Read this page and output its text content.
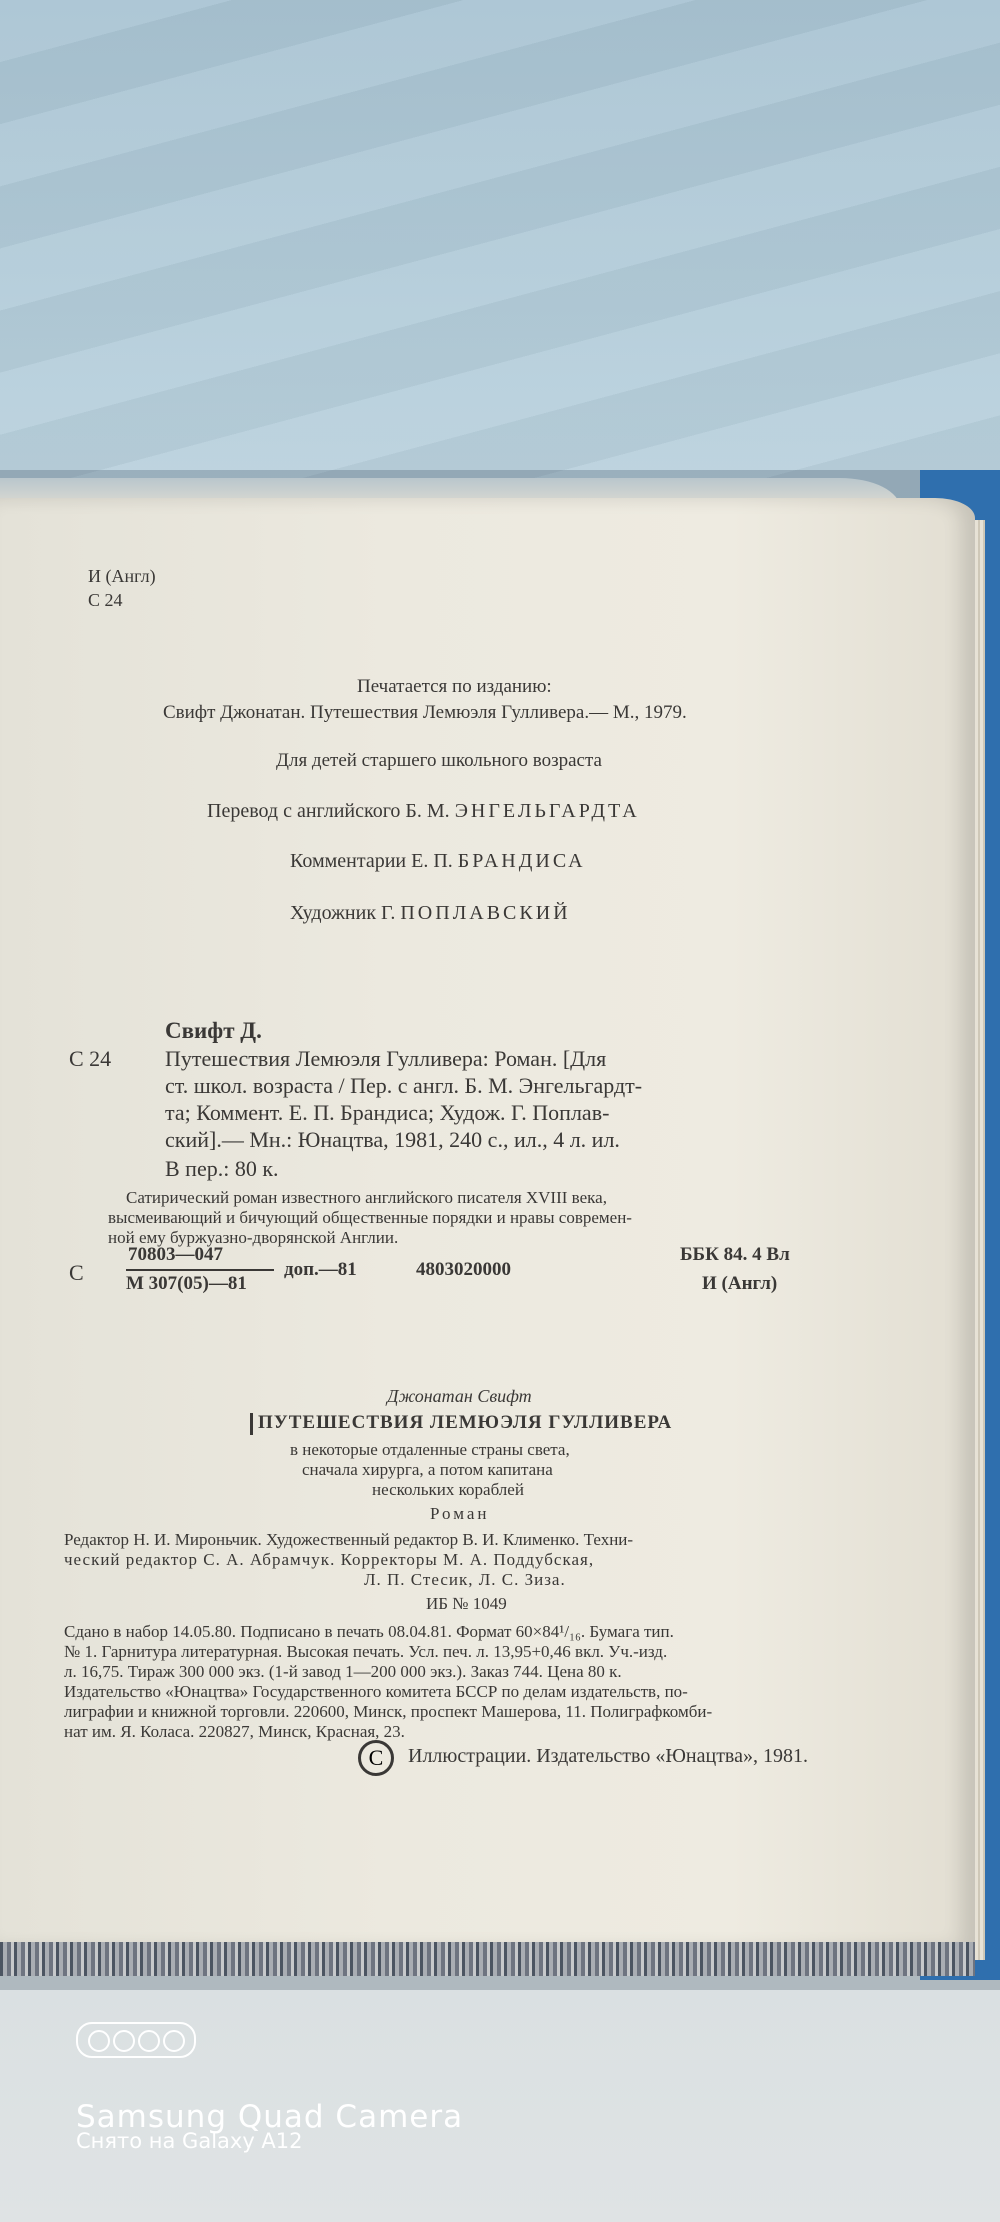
И (Англ)

С 24

Печатается по изданию:

Свифт Джонатан. Путешествия Лемюэля Гулливера.— М., 1979.

Для детей старшего школьного возраста

Перевод с английского Б. М. ЭНГЕЛЬГАРДТА

Комментарии Е. П. БРАНДИСА

Художник Г. ПОПЛАВСКИЙ

Свифт Д.

С 24 Путешествия Лемюэля Гулливера: Роман. [Для

ст. школ. возраста / Пер. с англ. Б. М. Энгельгардт-

та; Коммент. Е. П. Брандиса; Худож. Г. Поплав-

ский].— Мн.: Юнацтва, 1981, 240 с., ил., 4 л. ил.

В пер.: 80 к.

Сатирический роман известного английского писателя XVIII века,

высмеивающий и бичующий общественные порядки и нравы современ-

ной ему буржуазно-дворянской Англии.

С

70803—047

М 307(05)—81

доп.—81	4803020000

ББК 84. 4 Вл

И (Англ)

Джонатан Свифт

ПУТЕШЕСТВИЯ ЛЕМЮЭЛЯ ГУЛЛИВЕРА

в некоторые отдаленные страны света,

сначала хирурга, а потом капитана

нескольких кораблей

Роман

Редактор Н. И. Мироньчик. Художественный редактор В. И. Клименко. Техни-

ческий редактор С. А. Абрамчук. Корректоры М. А. Поддубская,

Л. П. Стесик, Л. С. Зиза.

ИБ № 1049

Сдано в набор 14.05.80. Подписано в печать 08.04.81. Формат 60×84¹/₁₆. Бумага тип.

№ 1. Гарнитура литературная. Высокая печать. Усл. печ. л. 13,95+0,46 вкл. Уч.-изд.

л. 16,75. Тираж 300 000 экз. (1-й завод 1—200 000 экз.). Заказ 744. Цена 80 к.

Издательство «Юнацтва» Государственного комитета БССР по делам издательств, по-

лиграфии и книжной торговли. 220600, Минск, проспект Машерова, 11. Полиграфкомби-

нат им. Я. Коласа. 220827, Минск, Красная, 23.

Иллюстрации. Издательство «Юнацтва», 1981.

C

Samsung Quad Camera

Снято на Galaxy A12
